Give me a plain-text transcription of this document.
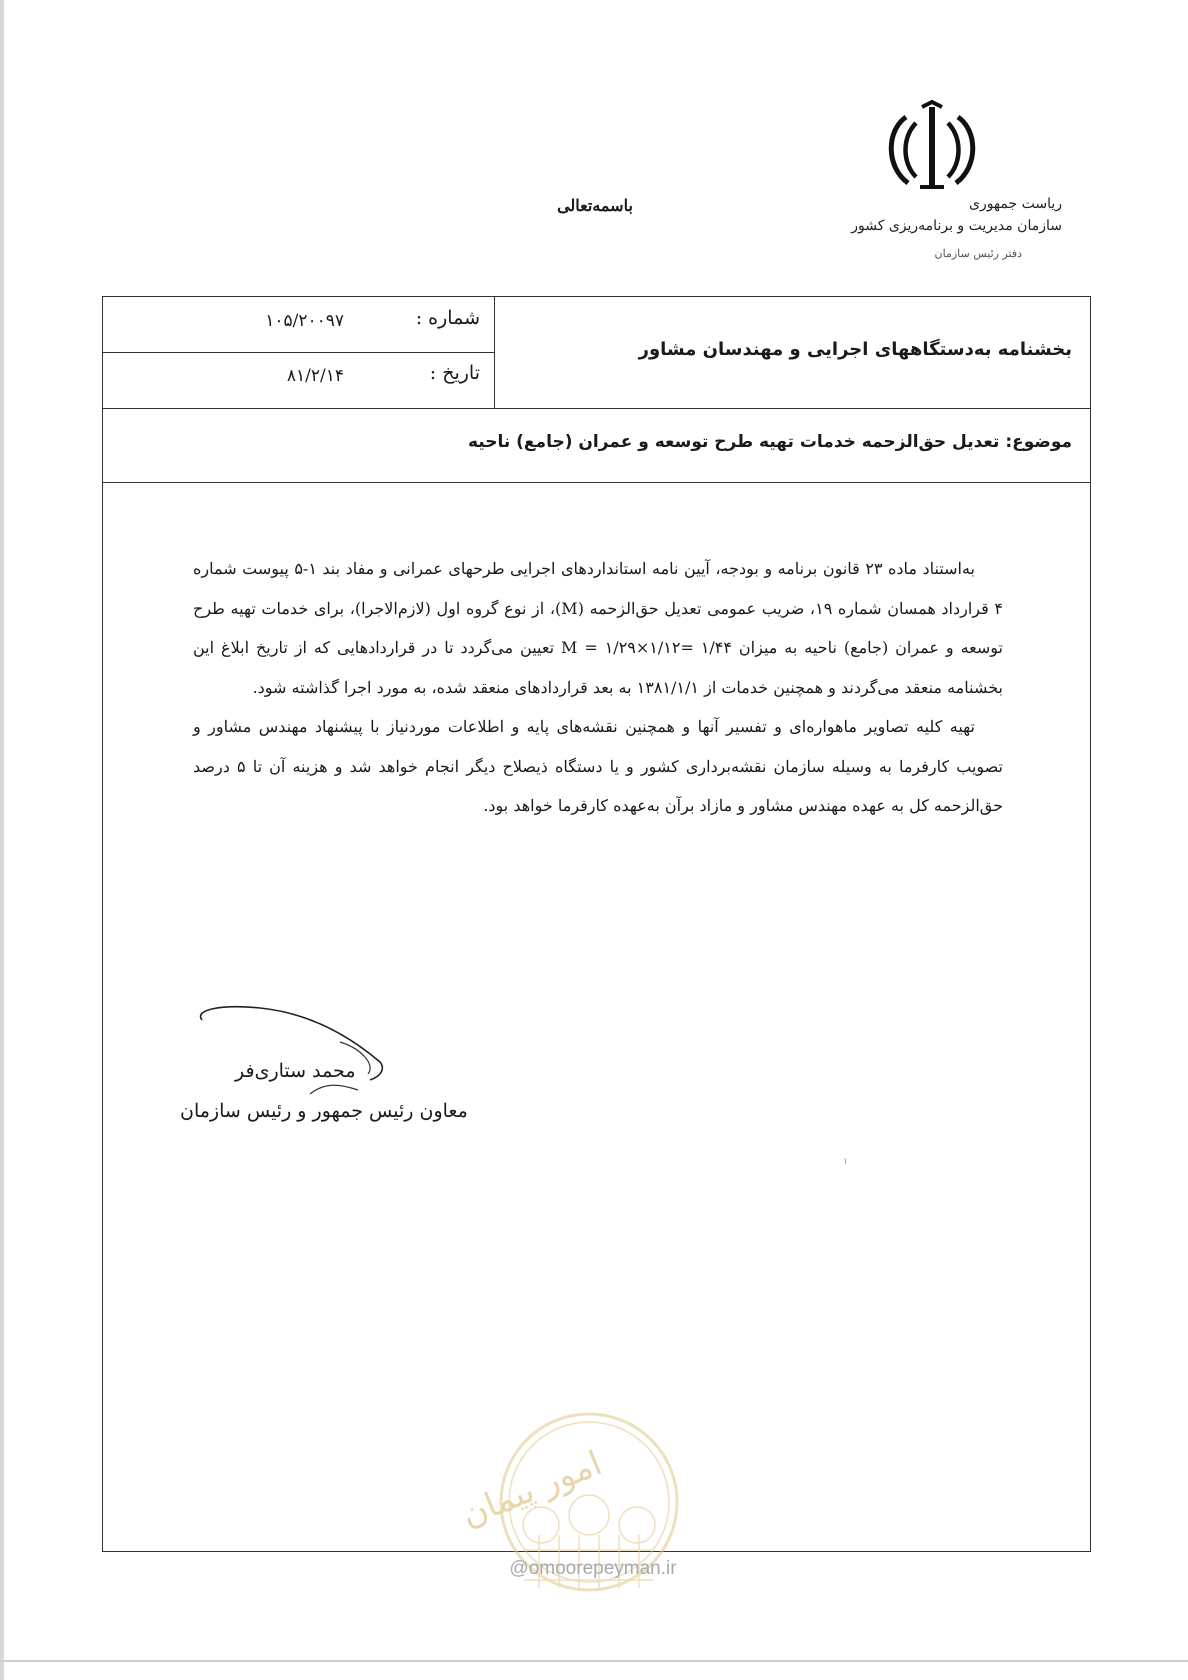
باسمه‌تعالی	ریاست جمهوری
سازمان مدیریت و برنامه‌ریزی کشور
دفتر رئیس سازمان
شماره :
۱۰۵/۲۰۰۹۷
تاریخ :
۸۱/۲/۱۴
بخشنامه به‌دستگاههای اجرایی و مهندسان مشاور
موضوع: تعدیل حق‌الزحمه خدمات تهیه طرح توسعه و عمران (جامع) ناحیه

به‌استناد ماده ۲۳ قانون برنامه و بودجه، آیین نامه استانداردهای اجرایی طرحهای عمرانی و مفاد بند ۱-۵ پیوست شماره ۴ قرارداد همسان شماره ۱۹، ضریب عمومی تعدیل حق‌الزحمه (M)، از نوع گروه اول (لازم‌الاجرا)، برای خدمات تهیه طرح توسعه و عمران (جامع) ناحیه به میزان ۱/۴۴ =۱/۱۲×۱/۲۹ = M تعیین می‌گردد تا در قراردادهایی که از تاریخ ابلاغ این بخشنامه منعقد می‌گردند و همچنین خدمات از ۱۳۸۱/۱/۱ به بعد قراردادهای منعقد شده، به مورد اجرا گذاشته شود.

تهیه کلیه تصاویر ماهواره‌ای و تفسیر آنها و همچنین نقشه‌های پایه و اطلاعات موردنیاز با پیشنهاد مهندس مشاور و تصویب کارفرما به وسیله سازمان نقشه‌برداری کشور و یا دستگاه ذیصلاح دیگر انجام خواهد شد و هزینه آن تا ۵ درصد حق‌الزحمه کل به عهده مهندس مشاور و مازاد برآن به‌عهده کارفرما خواهد بود.

محمد ستاری‌فر
معاون رئیس جمهور و رئیس سازمان
۱
امور پیمان
@omoorepeyman.ir
